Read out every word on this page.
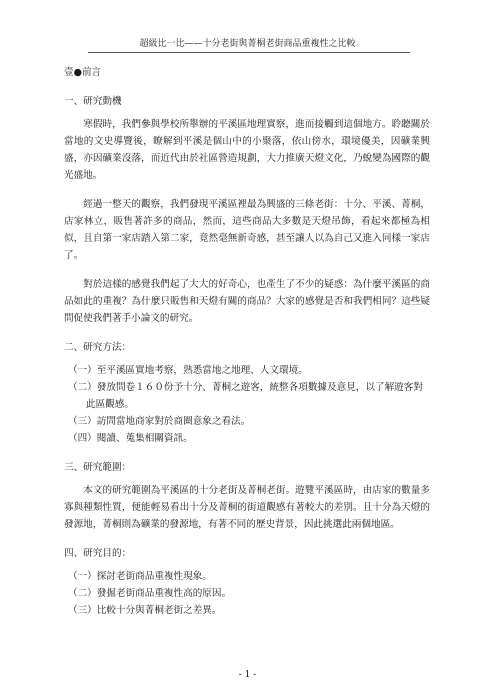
超級比一比——十分老街與菁桐老街商品重複性之比較
壹●前言
一、研究動機

寒假時，我們參與學校所舉辦的平溪區地理實察，進而接觸到這個地方。聆聽關於當地的文史導覽後，瞭解到平溪是個山中的小聚落，依山傍水，環境優美，因礦業興盛，亦因礦業沒落，而近代由於社區營造規劃，大力推廣天燈文化，乃蛻變為國際的觀光盛地。

經過一整天的觀察，我們發現平溪區裡最為興盛的三條老街：十分、平溪、菁桐，店家林立，販售著許多的商品，然而，這些商品大多數是天燈吊飾，看起來都極為相似，且自第一家店踏入第二家，竟然毫無新奇感，甚至讓人以為自己又進入同樣一家店了。

對於這樣的感覺我們起了大大的好奇心，也產生了不少的疑惑：為什麼平溪區的商品如此的重複？為什麼只販售和天燈有關的商品？大家的感覺是否和我們相同？這些疑問促使我們著手小論文的研究。

二、研究方法：
（一）至平溪區實地考察，熟悉當地之地理、人文環境。
（二）發放問卷１６０份予十分、菁桐之遊客，統整各項數據及意見，以了解遊客對此區觀感。
（三）訪問當地商家對於商圈意象之看法。
（四）閱讀、蒐集相關資訊。
三、研究範圍：

本文的研究範圍為平溪區的十分老街及菁桐老街。遊覽平溪區時，由店家的數量多寡與種類性質，便能輕易看出十分及菁桐的街道觀感有著較大的差別。且十分為天燈的發源地，菁桐則為礦業的發源地，有著不同的歷史背景，因此挑選此兩個地區。

四、研究目的：
（一）探討老街商品重複性現象。
（二）發掘老街商品重複性高的原因。
（三）比較十分與菁桐老街之差異。
- 1 -
